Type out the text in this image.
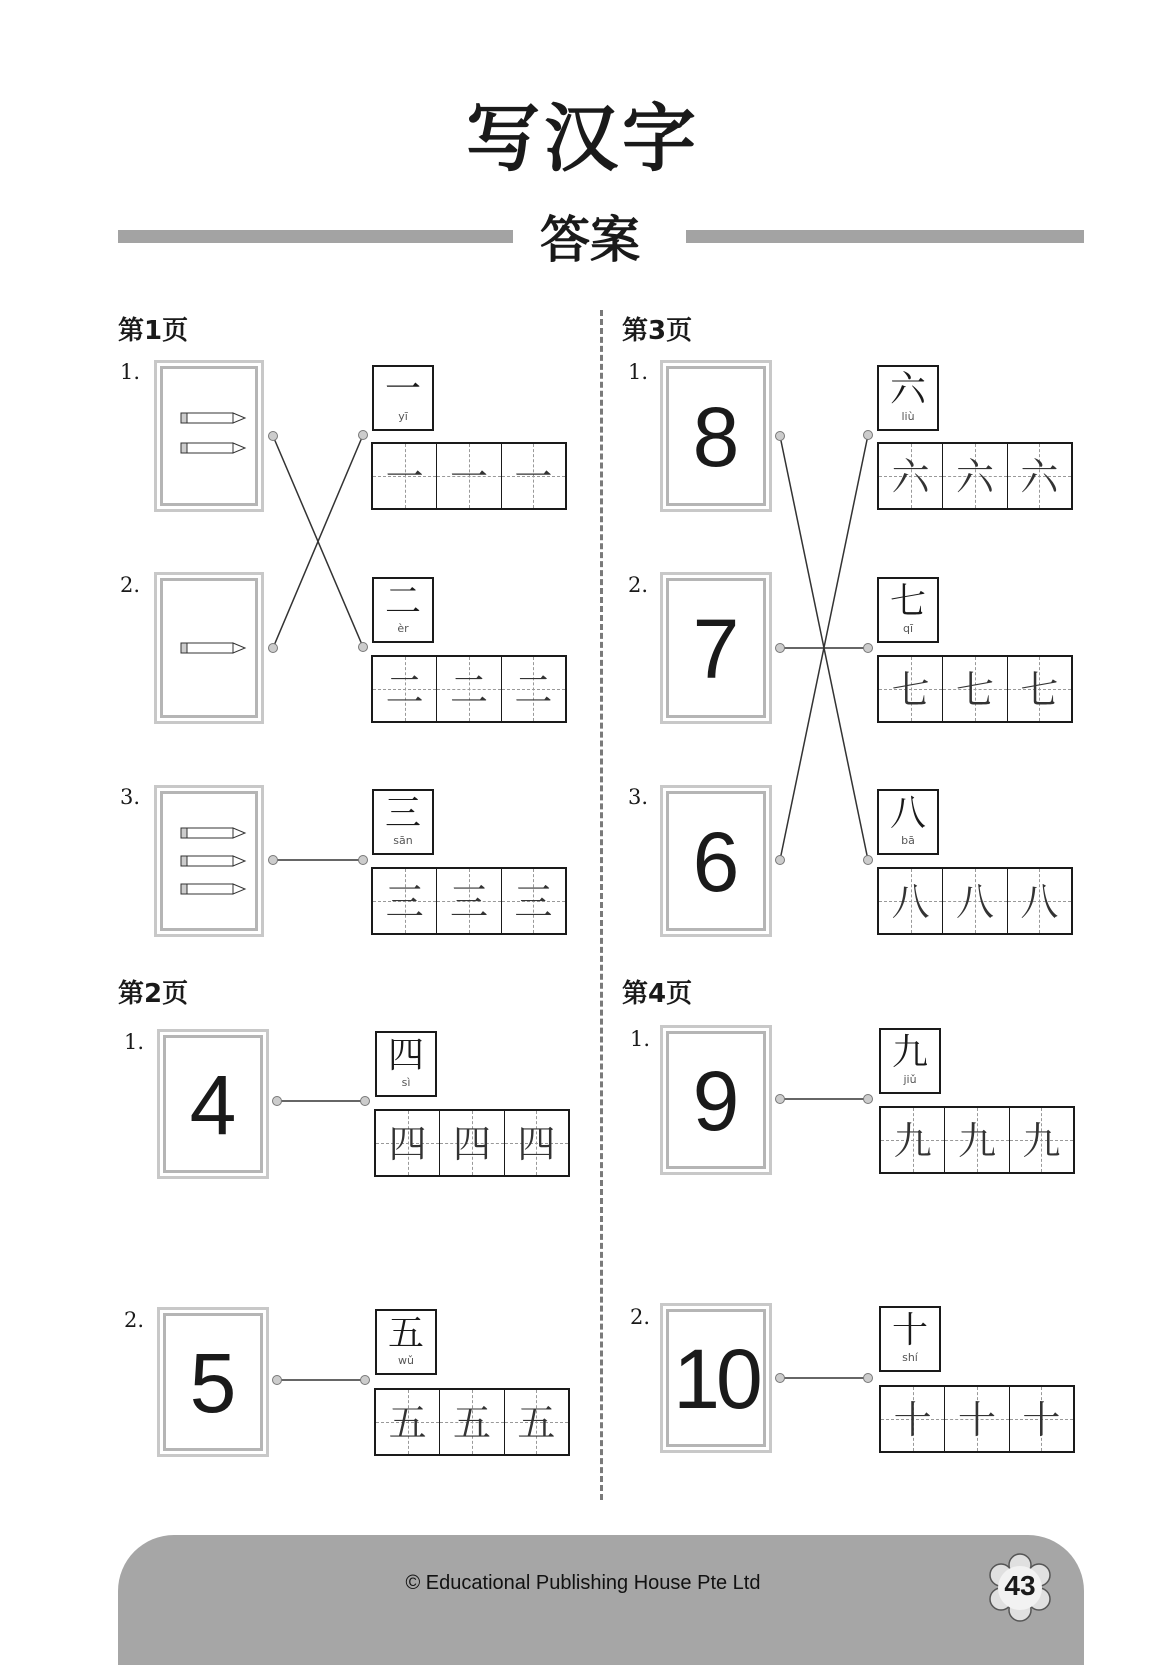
写汉字
答案
第1页
1.	一
yī
一 一 一
2.	二
èr
二 二 二
3.	三
sān
三 三 三
第2页
1.
4
四
sì
四 四 四
2.
5
五
wǔ
五 五 五
第3页
1.
8
六
liù
六 六 六
2.
7
七
qī
七 七 七
3.
6
八
bā
八 八 八
第4页
1.
9
九
jiǔ
九 九 九
2.
10
十
shí
十 十 十
© Educational Publishing House Pte Ltd	43
